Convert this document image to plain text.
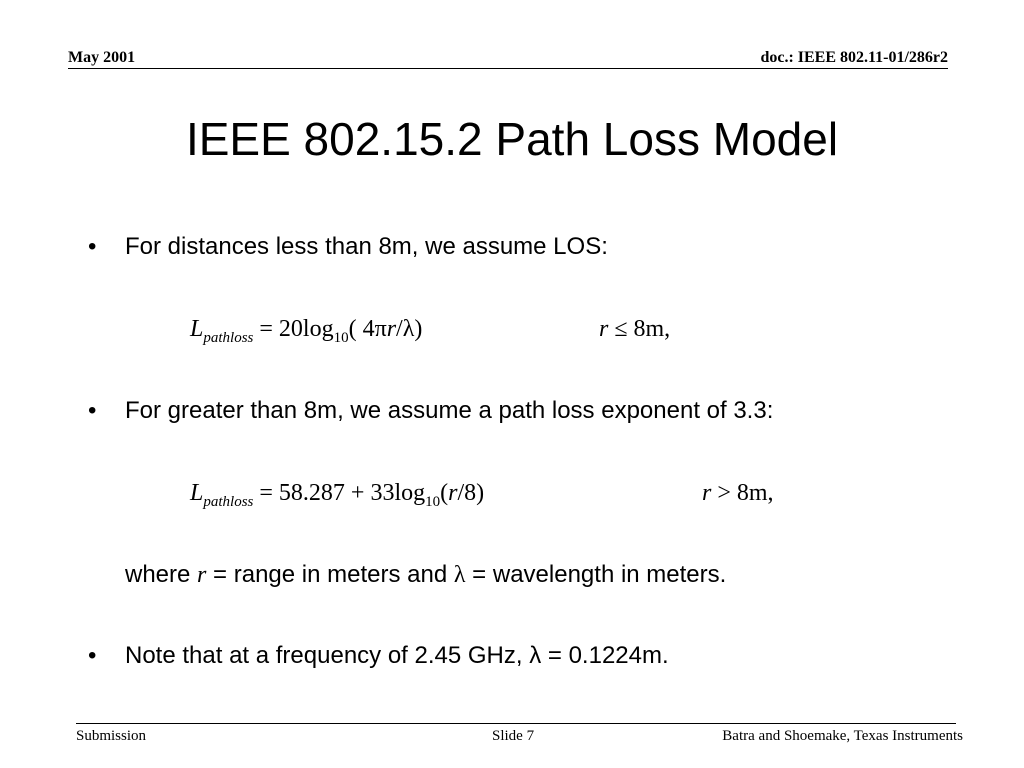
May 2001	doc.: IEEE 802.11-01/286r2
IEEE 802.15.2 Path Loss Model
• For distances less than 8m, we assume LOS:
$L_{pathloss} = 20\log_{10}$( 4πr/λ)	r ≤ 8m,
• For greater than 8m, we assume a path loss exponent of 3.3:
$L_{pathloss} = 58.287 + 33\log_{10}(r/8)$	r > 8m,
where r = range in meters and λ = wavelength in meters.
• Note that at a frequency of 2.45 GHz, λ = 0.1224m.
Submission	Slide 7	Batra and Shoemake, Texas Instruments
